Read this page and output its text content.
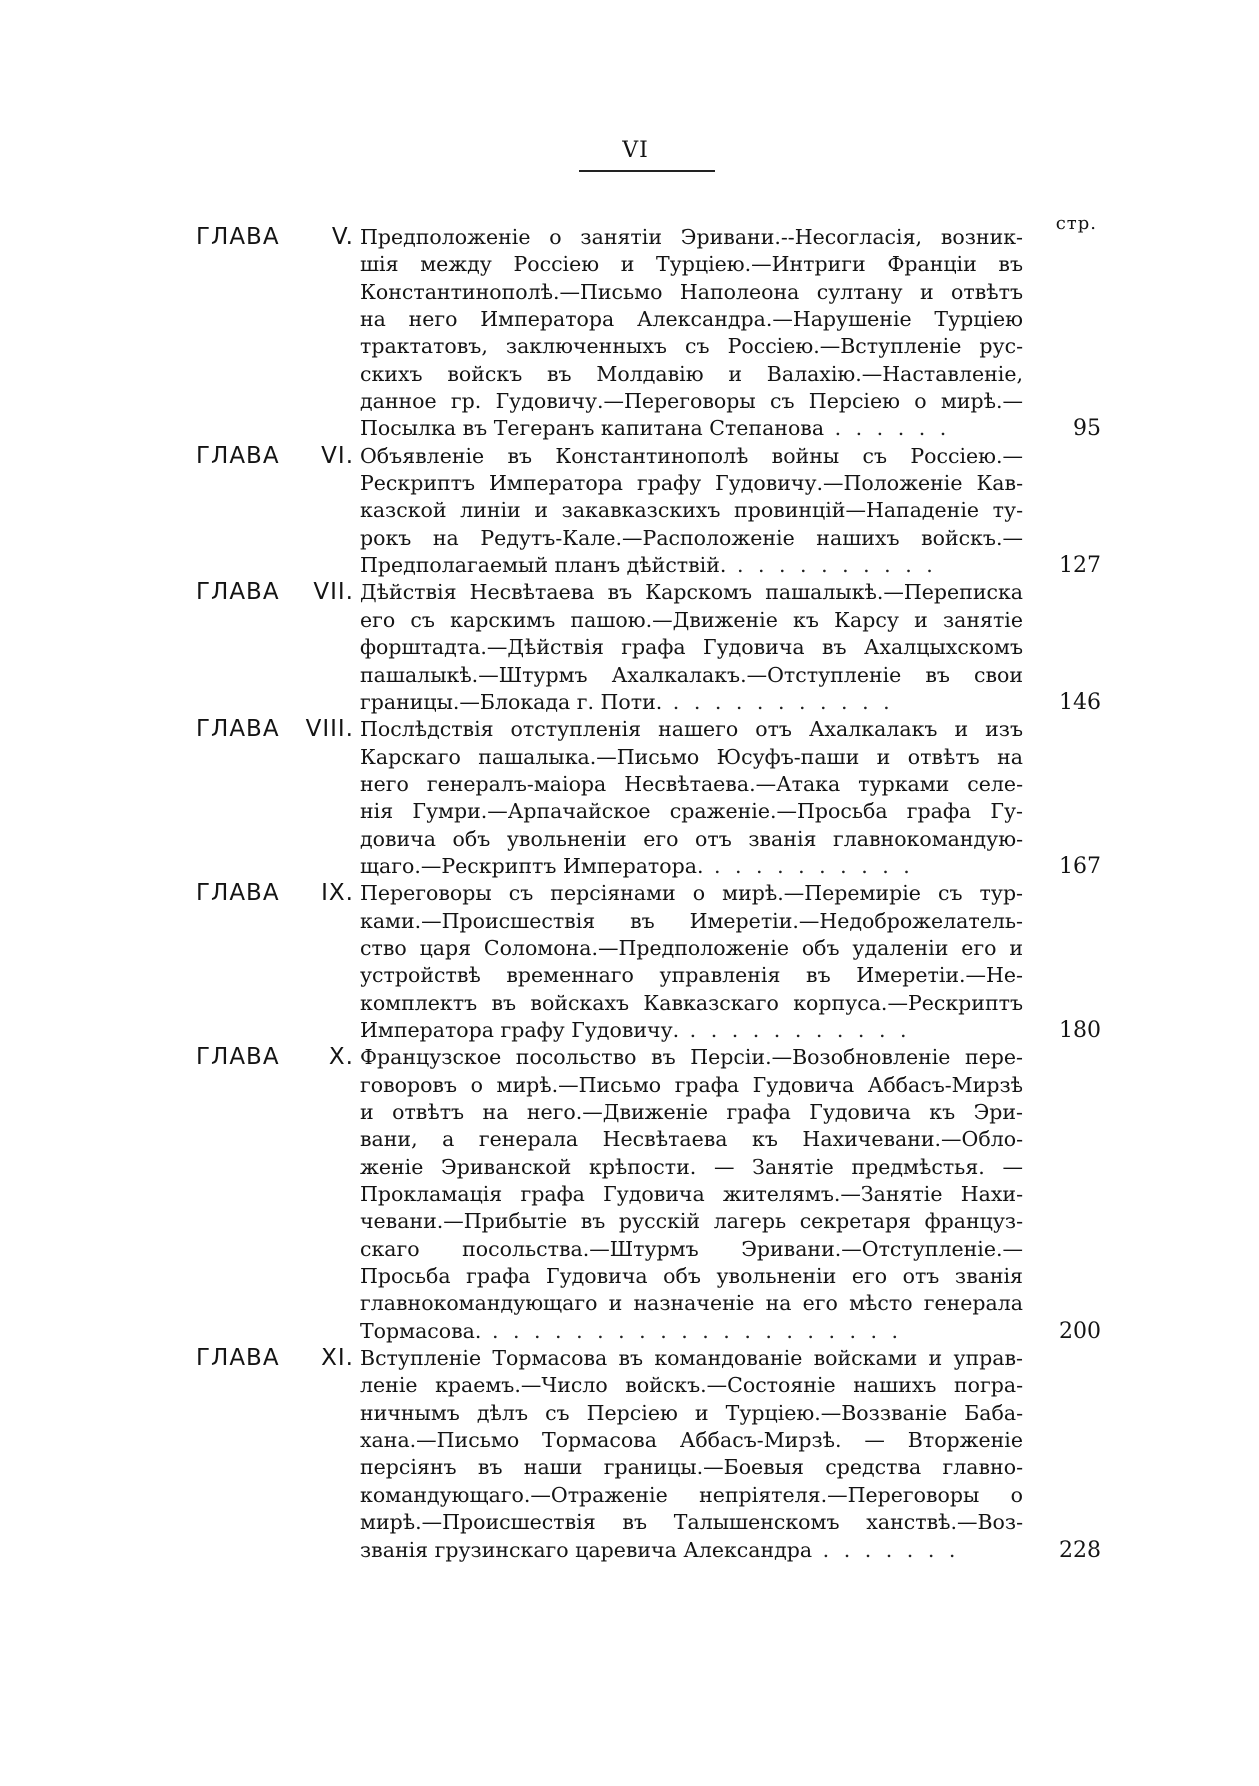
VI
стр.
ГЛАВА V. Предположеніе о занятіи Эривани.--Несогласія, возник-
шія между Россіею и Турціею.—Интриги Франціи въ
Константинополѣ.—Письмо Наполеона султану и отвѣтъ
на него Императора Александра.—Нарушеніе Турціею
трактатовъ, заключенныхъ съ Россіею.—Вступленіе рус-
скихъ войскъ въ Молдавію и Валахію.—Наставленіе,
данное гр. Гудовичу.—Переговоры съ Персіею о мирѣ.—
Посылка въ Тегеранъ капитана Степанова . . . . . .	95
ГЛАВА VI. Объявленіе въ Константинополѣ войны съ Россіею.—
Рескриптъ Императора графу Гудовичу.—Положеніе Кав-
казской линіи и закавказскихъ провинцій—Нападеніе ту-
рокъ на Редутъ-Кале.—Расположеніе нашихъ войскъ.—
Предполагаемый планъ дѣйствій. . . . . . . . . . .	127
ГЛАВА VII. Дѣйствія Несвѣтаева въ Карскомъ пашалыкѣ.—Переписка
его съ карскимъ пашою.—Движеніе къ Карсу и занятіе
форштадта.—Дѣйствія графа Гудовича въ Ахалцыхскомъ
пашалыкѣ.—Штурмъ Ахалкалакъ.—Отступленіе въ свои
границы.—Блокада г. Поти. . . . . . . . . . . .	146
ГЛАВА VIII. Послѣдствія отступленія нашего отъ Ахалкалакъ и изъ
Карскаго пашалыка.—Письмо Юсуфъ-паши и отвѣтъ на
него генералъ-маіора Несвѣтаева.—Атака турками селе-
нія Гумри.—Арпачайское сраженіе.—Просьба графа Гу-
довича объ увольненіи его отъ званія главнокомандую-
щаго.—Рескриптъ Императора. . . . . . . . . . .	167
ГЛАВА IX. Переговоры съ персіянами о мирѣ.—Перемиріе съ тур-
ками.—Происшествія въ Имеретіи.—Недоброжелатель-
ство царя Соломона.—Предположеніе объ удаленіи его и
устройствѣ временнаго управленія въ Имеретіи.—Не-
комплектъ въ войскахъ Кавказскаго корпуса.—Рескриптъ
Императора графу Гудовичу. . . . . . . . . . . .	180
ГЛАВА X. Французское посольство въ Персіи.—Возобновленіе пере-
говоровъ о мирѣ.—Письмо графа Гудовича Аббасъ-Мирзѣ
и отвѣтъ на него.—Движеніе графа Гудовича къ Эри-
вани, а генерала Несвѣтаева къ Нахичевани.—Обло-
женіе Эриванской крѣпости. — Занятіе предмѣстья. —
Прокламація графа Гудовича жителямъ.—Занятіе Нахи-
чевани.—Прибытіе въ русскій лагерь секретаря француз-
скаго посольства.—Штурмъ Эривани.—Отступленіе.—
Просьба графа Гудовича объ увольненіи его отъ званія
главнокомандующаго и назначеніе на его мѣсто генерала
Тормасова. . . . . . . . . . . . . . . . . . . . .	200
ГЛАВА XI. Вступленіе Тормасова въ командованіе войсками и управ-
леніе краемъ.—Число войскъ.—Состояніе нашихъ погра-
ничнымъ дѣлъ съ Персіею и Турціею.—Воззваніе Баба-
хана.—Письмо Тормасова Аббасъ-Мирзѣ. — Вторженіе
персіянъ въ наши границы.—Боевыя средства главно-
командующаго.—Отраженіе непріятеля.—Переговоры о
мирѣ.—Происшествія въ Талышенскомъ ханствѣ.—Воз-
званія грузинскаго царевича Александра . . . . . . .	228
